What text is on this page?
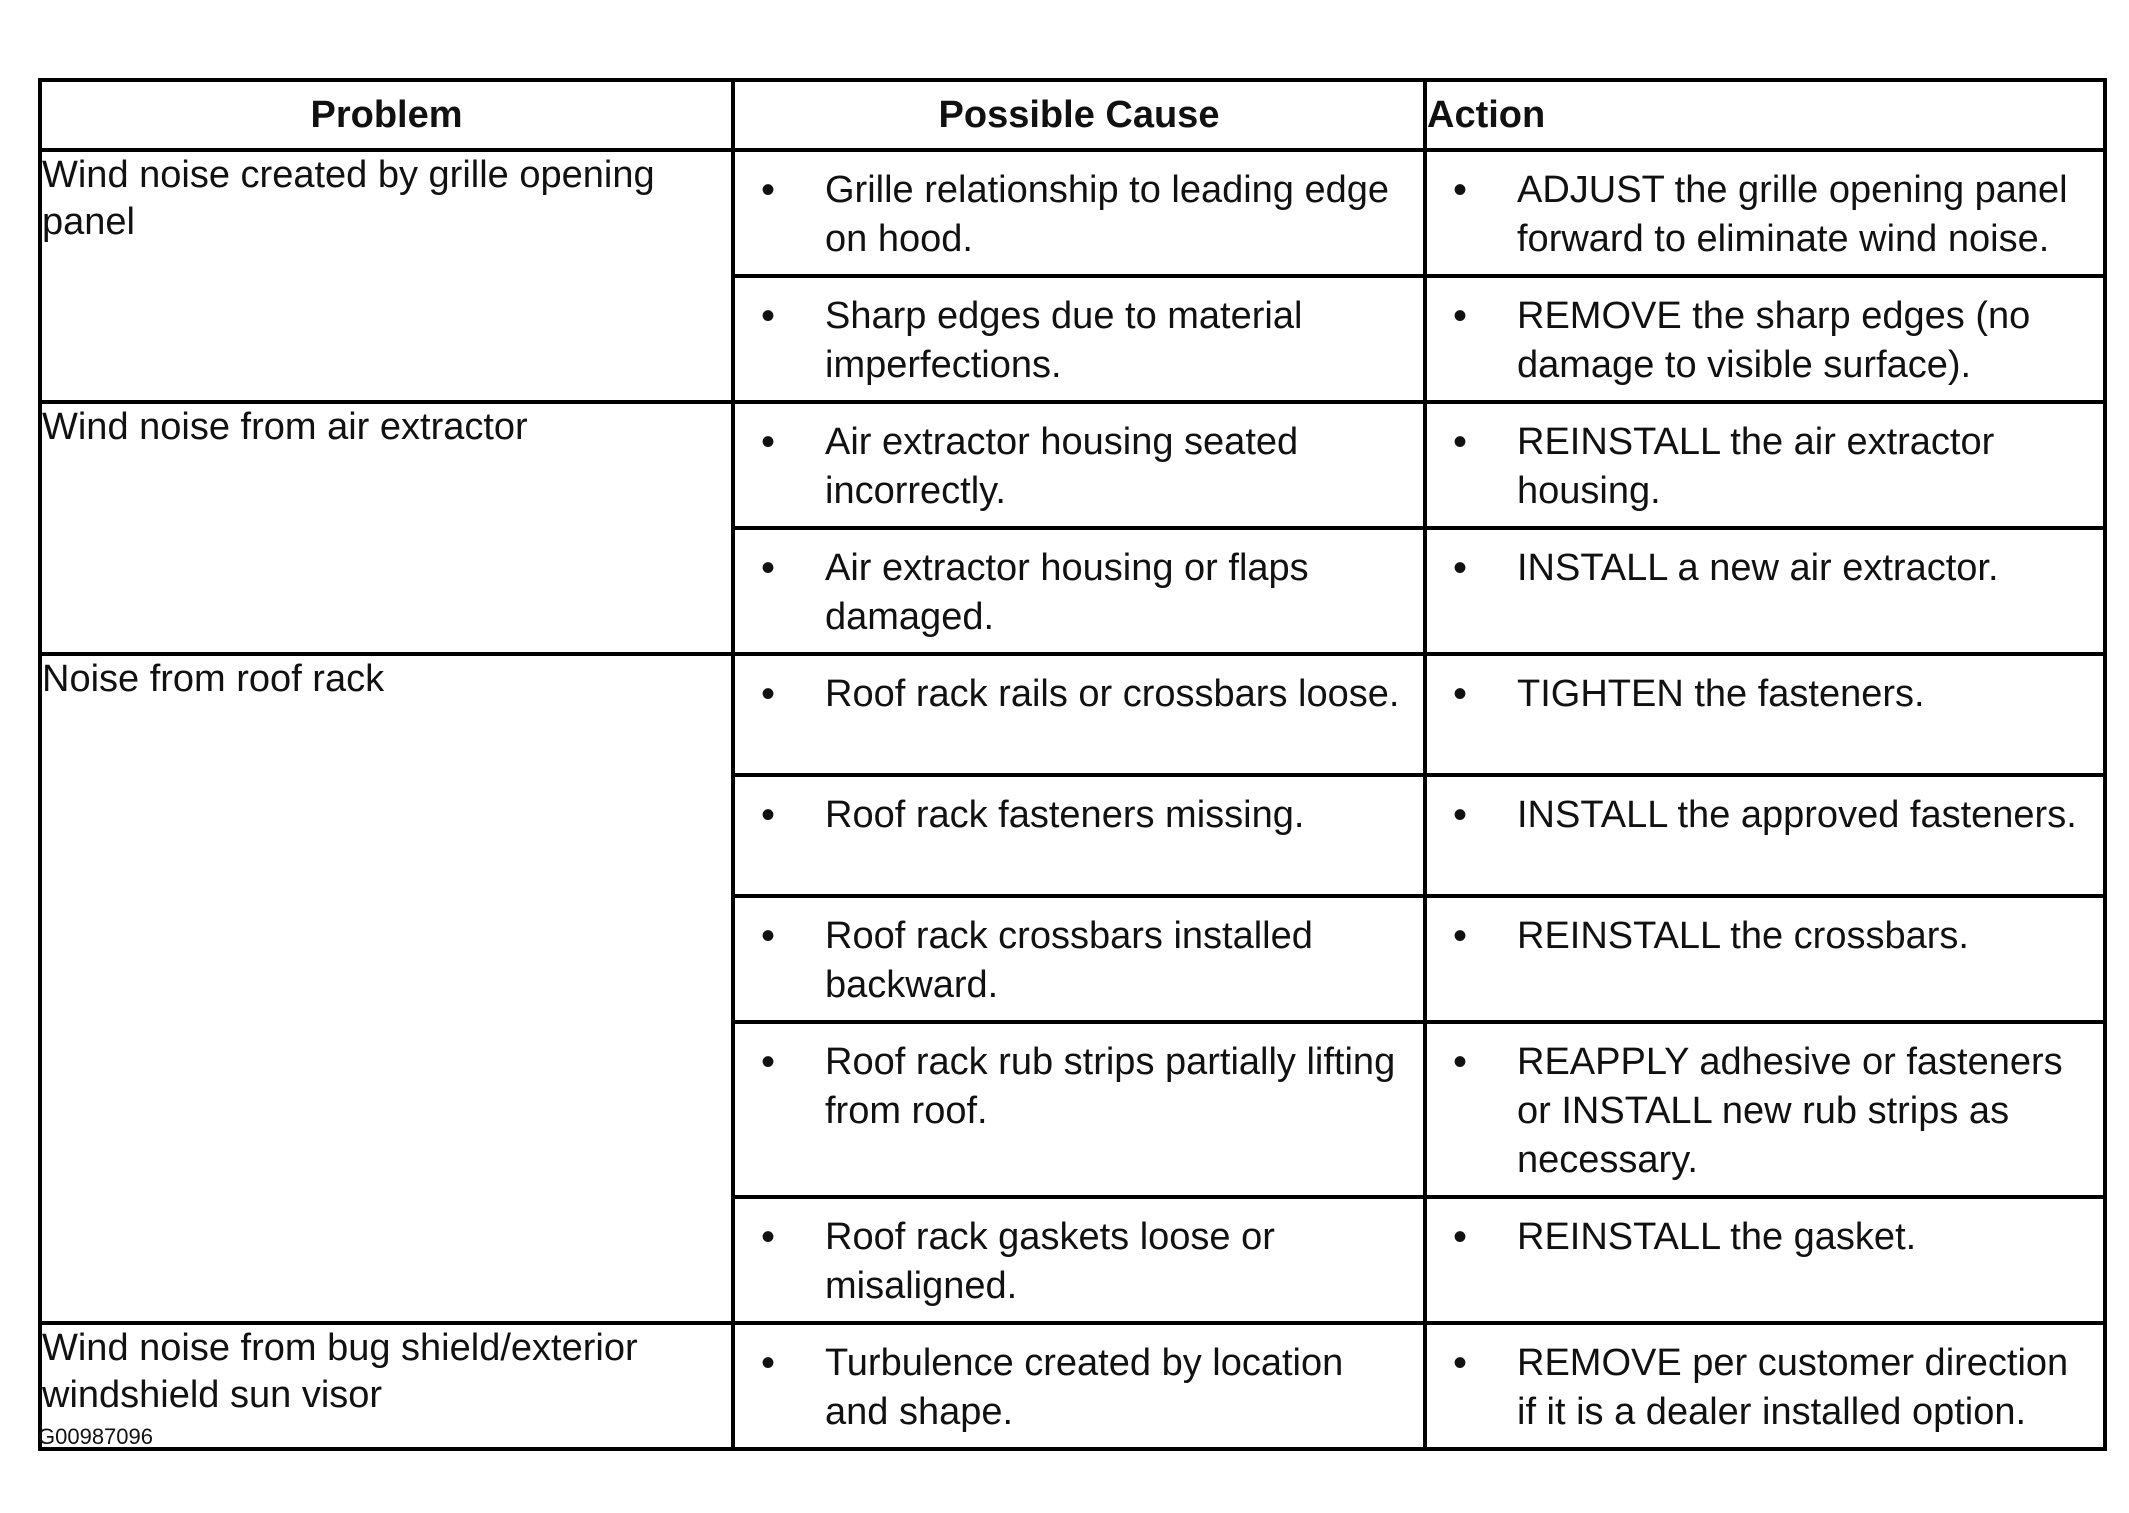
Problem	Possible Cause	Action
Wind noise created by grille opening panel	• Grille relationship to leading edge on hood.	• ADJUST the grille opening panel forward to eliminate wind noise.

	• Sharp edges due to material imperfections.	• REMOVE the sharp edges (no damage to visible surface).

Wind noise from air extractor	• Air extractor housing seated incorrectly.	• REINSTALL the air extractor housing.

	• Air extractor housing or flaps damaged.	• INSTALL a new air extractor.

Noise from roof rack	• Roof rack rails or crossbars loose.	• TIGHTEN the fasteners.

	• Roof rack fasteners missing.	• INSTALL the approved fasteners.

	• Roof rack crossbars installed backward.	• REINSTALL the crossbars.

	• Roof rack rub strips partially lifting from roof.	• REAPPLY adhesive or fasteners or INSTALL new rub strips as necessary.

	• Roof rack gaskets loose or misaligned.	• REINSTALL the gasket.

Wind noise from bug shield/exterior windshield sun visor	• Turbulence created by location and shape.	• REMOVE per customer direction if it is a dealer installed option.
G00987096
